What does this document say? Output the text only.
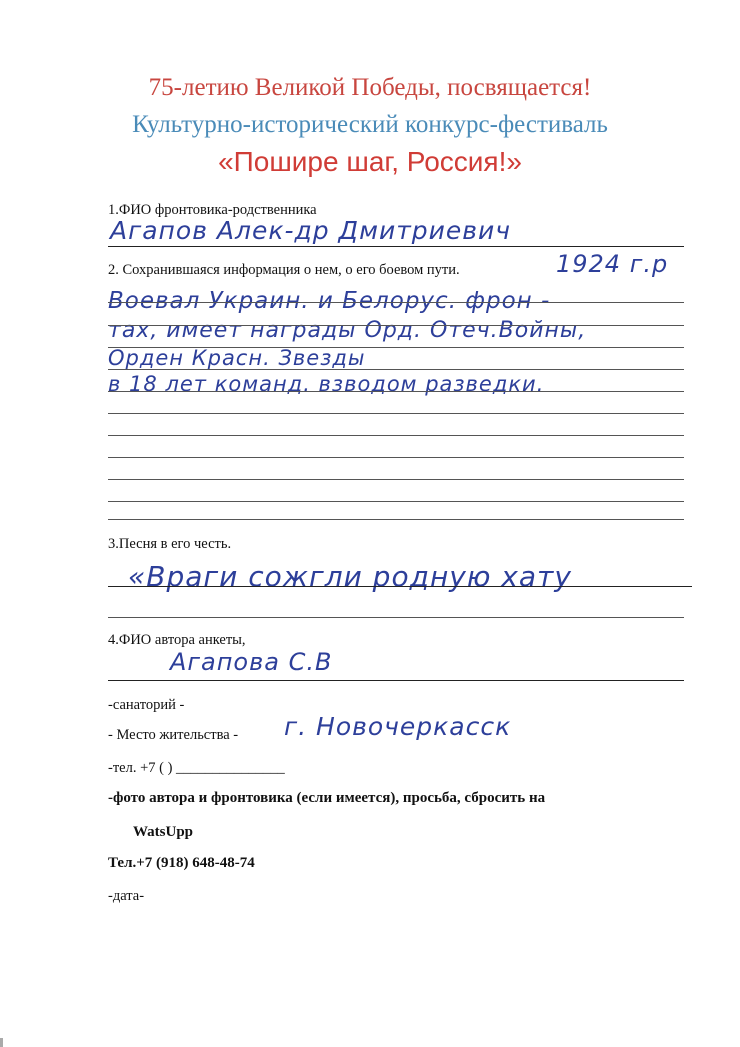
75-летию Великой Победы, посвящается!
Культурно-исторический конкурс-фестиваль
«Пошире шаг, Россия!»
1.ФИО фронтовика-родственника
Агапов Алек-др Дмитриевич
2. Сохранившаяся информация о нем, о его боевом пути.	1924 г.р
Воевал Украин. и Белорус. фрон -
тах, имеет награды Орд. Отеч.Войны,
Орден Красн. Звезды
в 18 лет команд. взводом разведки.
3.Песня в его честь.
«Враги сожгли родную хату
4.ФИО автора анкеты,
Агапова С.В
-санаторий -
- Место жительства - г. Новочеркасск
-тел. +7 ( ) _______________
-фото автора и фронтовика (если имеется), просьба, сбросить на
WatsUpp
Тел.+7 (918) 648-48-74
-дата-
